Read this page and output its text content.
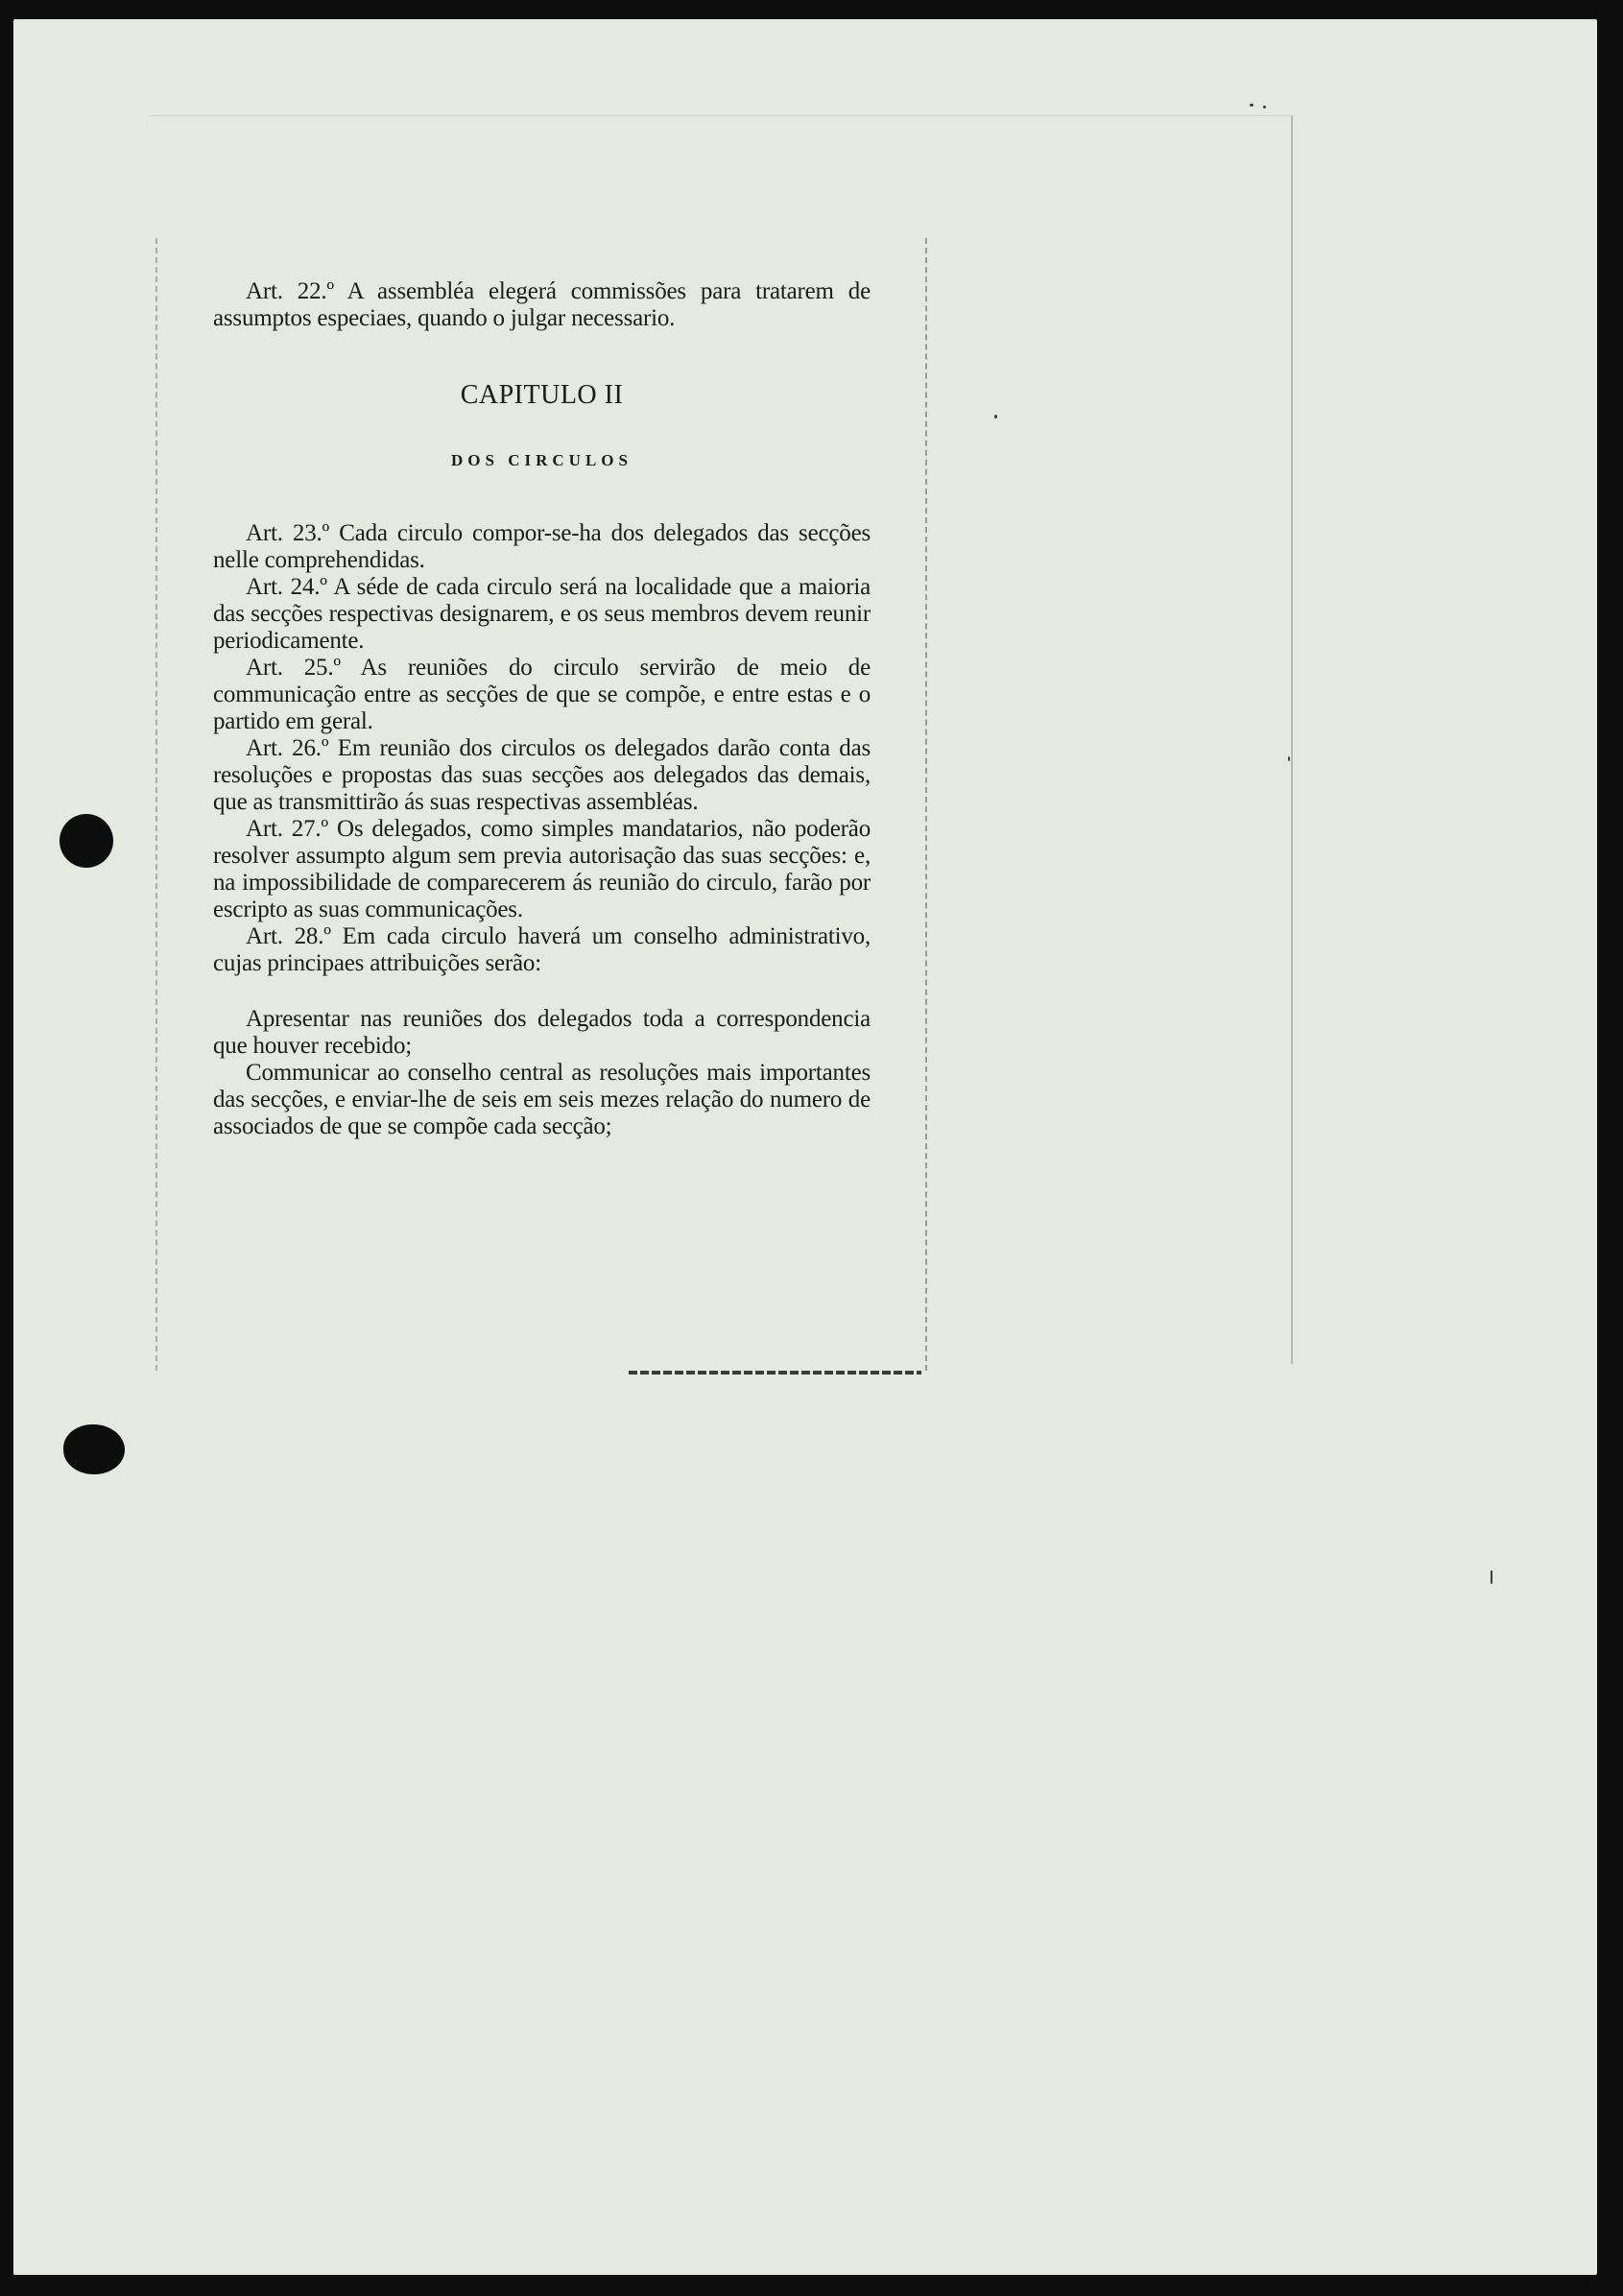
Art. 22.º A assembléa elegerá commissões para tratarem de assumptos especiaes, quando o julgar necessario.

CAPITULO II
DOS CIRCULOS

Art. 23.º Cada circulo compor-se-ha dos delegados das secções nelle comprehendidas.

Art. 24.º A séde de cada circulo será na localidade que a maioria das secções respectivas designarem, e os seus membros devem reunir periodicamente.

Art. 25.º As reuniões do circulo servirão de meio de communicação entre as secções de que se compõe, e entre estas e o partido em geral.

Art. 26.º Em reunião dos circulos os delegados darão conta das resoluções e propostas das suas secções aos delegados das demais, que as transmittirão ás suas respectivas assembléas.

Art. 27.º Os delegados, como simples mandatarios, não poderão resolver assumpto algum sem previa autorisação das suas secções: e, na impossibilidade de comparecerem ás reunião do circulo, farão por escripto as suas communicações.

Art. 28.º Em cada circulo haverá um conselho administrativo, cujas principaes attribuições serão:

Apresentar nas reuniões dos delegados toda a correspondencia que houver recebido;

Communicar ao conselho central as resoluções mais importantes das secções, e enviar-lhe de seis em seis mezes relação do numero de associados de que se compõe cada secção;
